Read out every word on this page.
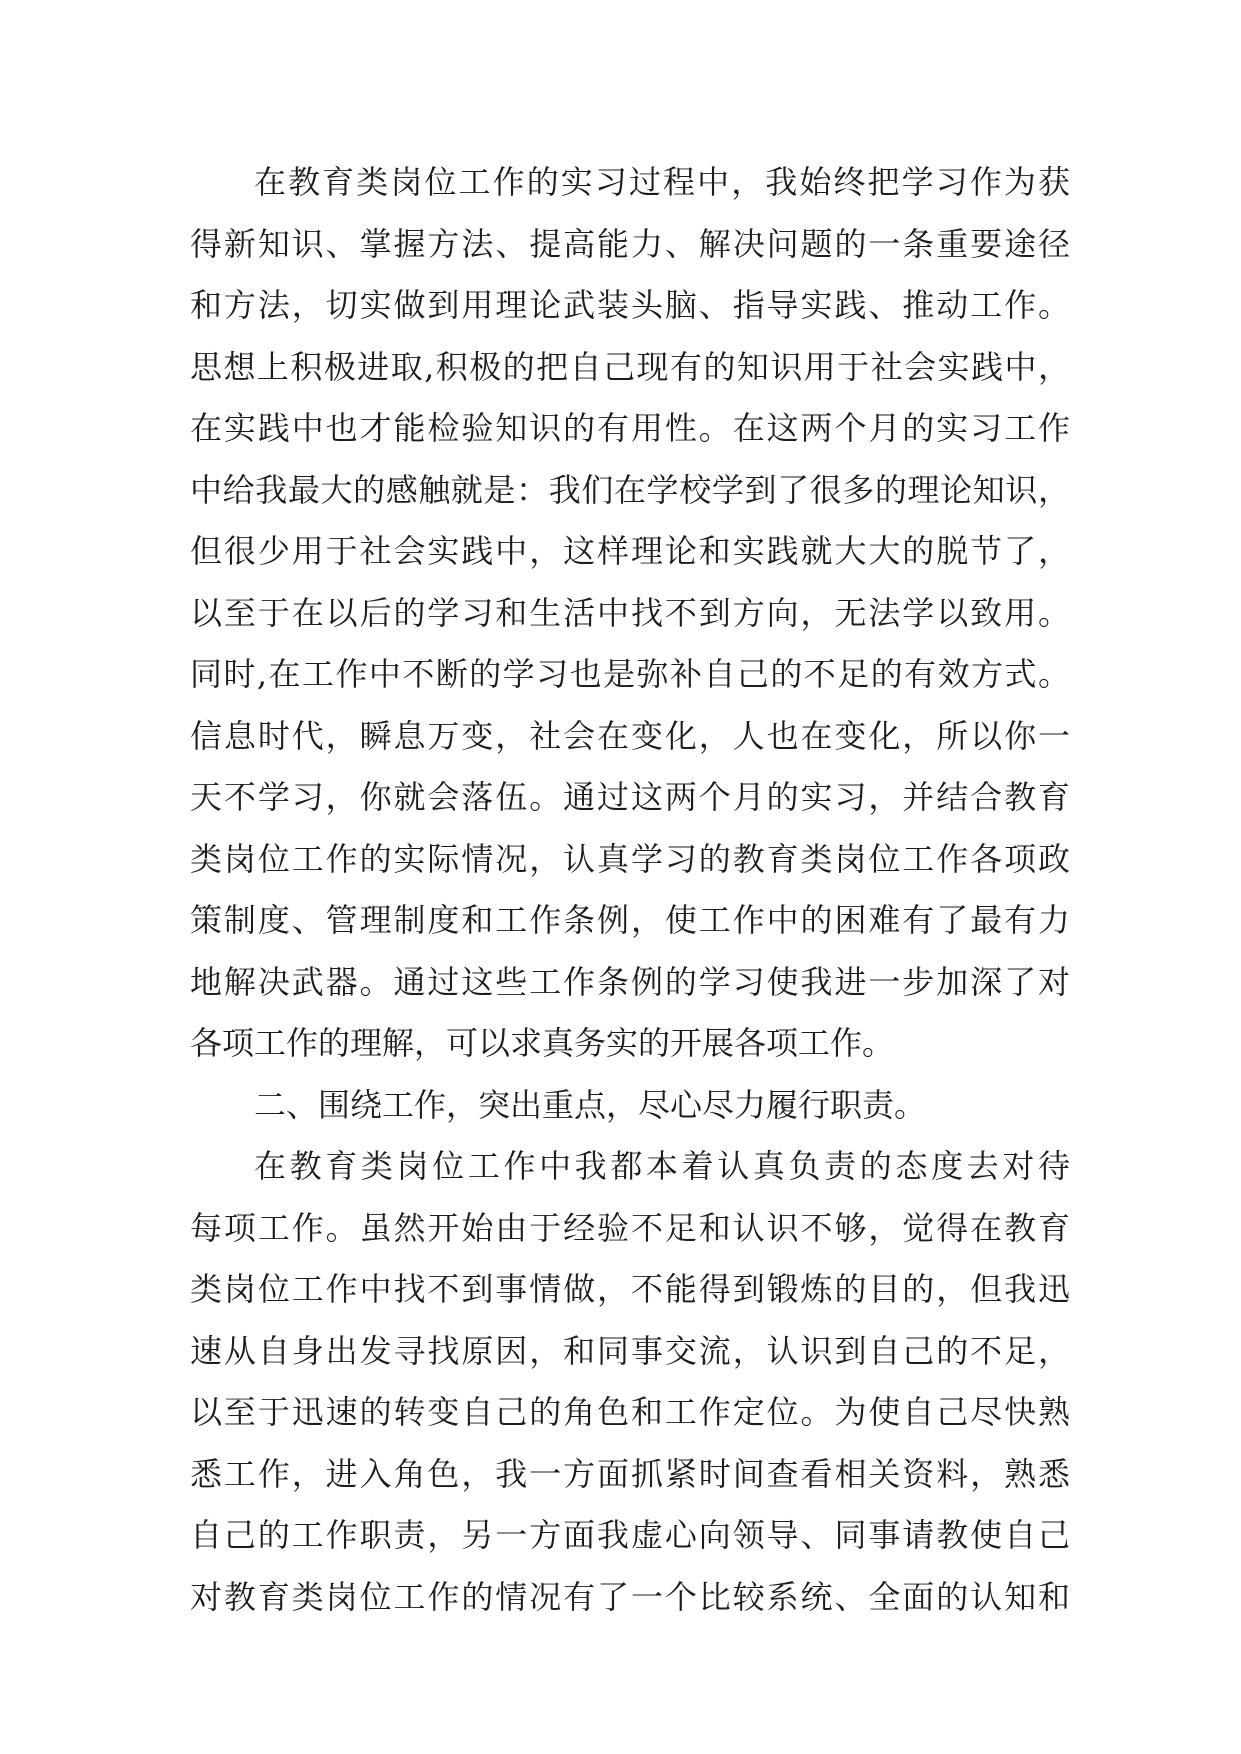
在教育类岗位工作的实习过程中，我始终把学习作为获
得新知识、掌握方法、提高能力、解决问题的一条重要途径
和方法，切实做到用理论武装头脑、指导实践、推动工作。
思想上积极进取,积极的把自己现有的知识用于社会实践中，
在实践中也才能检验知识的有用性。在这两个月的实习工作
中给我最大的感触就是：我们在学校学到了很多的理论知识，
但很少用于社会实践中，这样理论和实践就大大的脱节了，
以至于在以后的学习和生活中找不到方向，无法学以致用。
同时,在工作中不断的学习也是弥补自己的不足的有效方式。
信息时代，瞬息万变，社会在变化，人也在变化，所以你一
天不学习，你就会落伍。通过这两个月的实习，并结合教育
类岗位工作的实际情况，认真学习的教育类岗位工作各项政
策制度、管理制度和工作条例，使工作中的困难有了最有力
地解决武器。通过这些工作条例的学习使我进一步加深了对
各项工作的理解，可以求真务实的开展各项工作。
二、围绕工作，突出重点，尽心尽力履行职责。
在教育类岗位工作中我都本着认真负责的态度去对待
每项工作。虽然开始由于经验不足和认识不够，觉得在教育
类岗位工作中找不到事情做，不能得到锻炼的目的，但我迅
速从自身出发寻找原因，和同事交流，认识到自己的不足，
以至于迅速的转变自己的角色和工作定位。为使自己尽快熟
悉工作，进入角色，我一方面抓紧时间查看相关资料，熟悉
自己的工作职责，另一方面我虚心向领导、同事请教使自己
对教育类岗位工作的情况有了一个比较系统、全面的认知和
